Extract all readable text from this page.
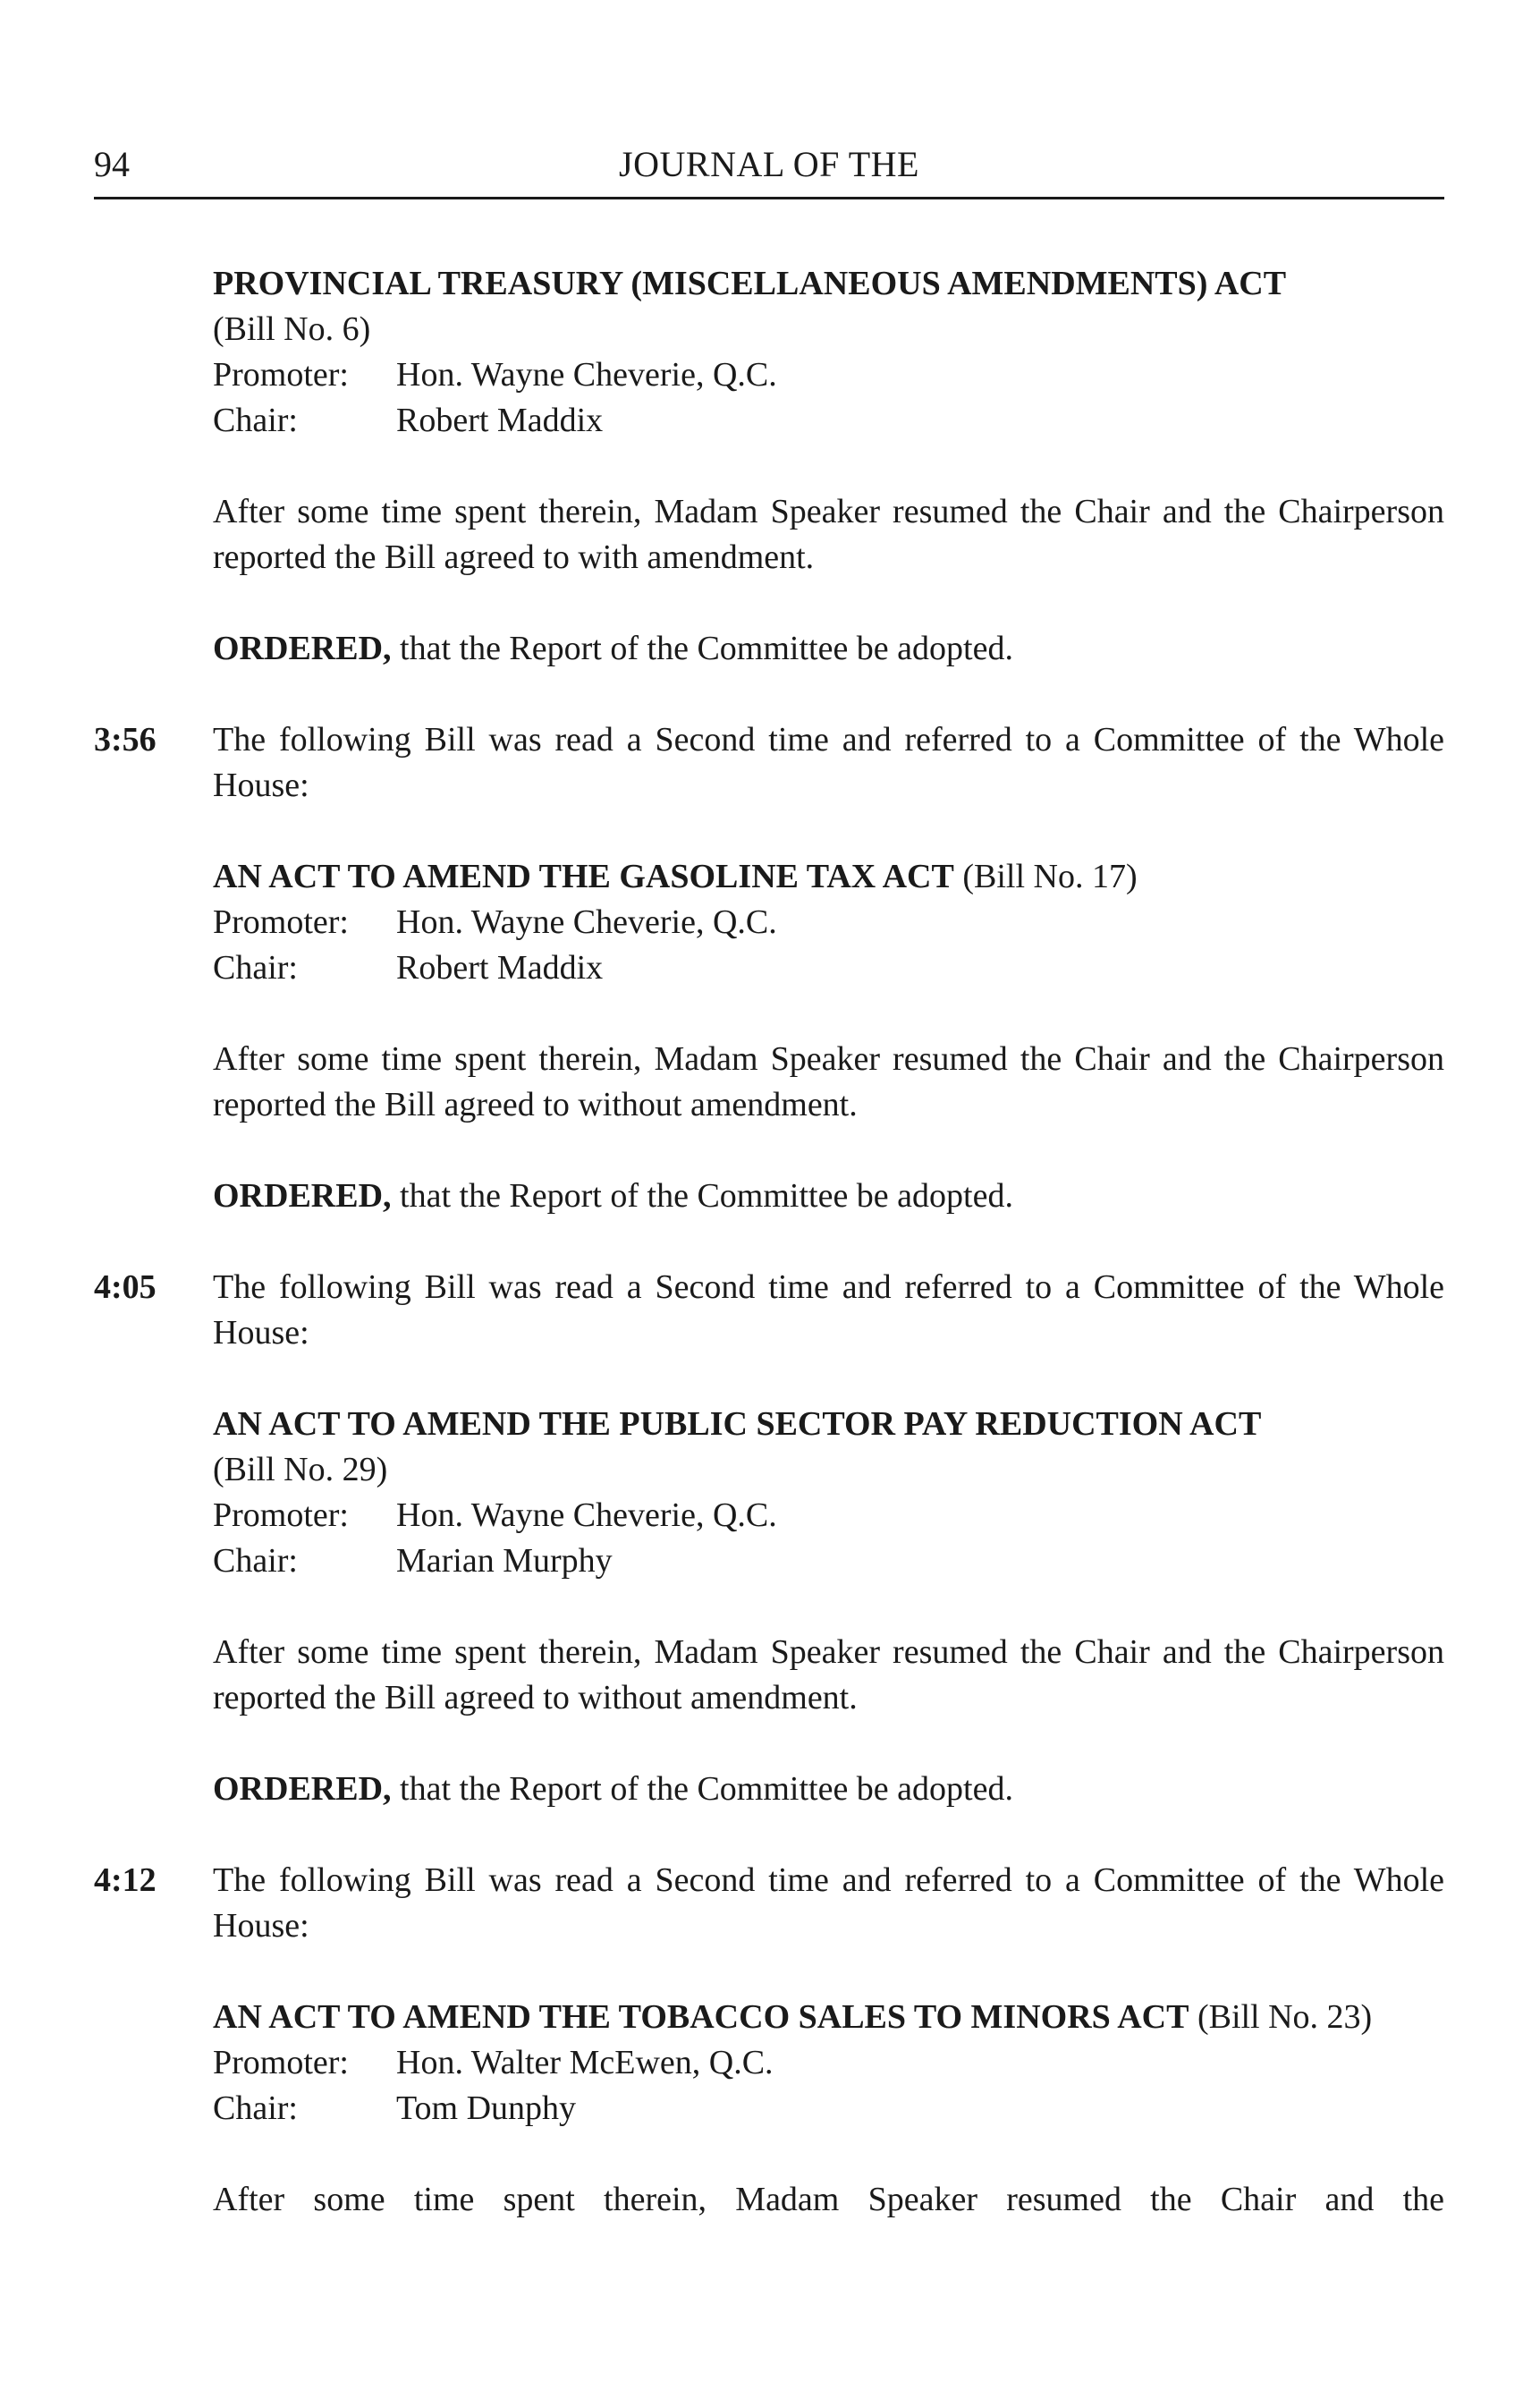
94	JOURNAL OF THE
PROVINCIAL TREASURY (MISCELLANEOUS AMENDMENTS) ACT
(Bill No. 6)
Promoter:	Hon. Wayne Cheverie, Q.C.
Chair:	Robert Maddix
After some time spent therein, Madam Speaker resumed the Chair and the Chairperson reported the Bill agreed to with amendment.
ORDERED, that the Report of the Committee be adopted.
3:56 The following Bill was read a Second time and referred to a Committee of the Whole House:
AN ACT TO AMEND THE GASOLINE TAX ACT (Bill No. 17)
Promoter:	Hon. Wayne Cheverie, Q.C.
Chair:	Robert Maddix
After some time spent therein, Madam Speaker resumed the Chair and the Chairperson reported the Bill agreed to without amendment.
ORDERED, that the Report of the Committee be adopted.
4:05 The following Bill was read a Second time and referred to a Committee of the Whole House:
AN ACT TO AMEND THE PUBLIC SECTOR PAY REDUCTION ACT
(Bill No. 29)
Promoter:	Hon. Wayne Cheverie, Q.C.
Chair:	Marian Murphy
After some time spent therein, Madam Speaker resumed the Chair and the Chairperson reported the Bill agreed to without amendment.
ORDERED, that the Report of the Committee be adopted.
4:12 The following Bill was read a Second time and referred to a Committee of the Whole House:
AN ACT TO AMEND THE TOBACCO SALES TO MINORS ACT (Bill No. 23)
Promoter:	Hon. Walter McEwen, Q.C.
Chair:	Tom Dunphy
After some time spent therein, Madam Speaker resumed the Chair and the
